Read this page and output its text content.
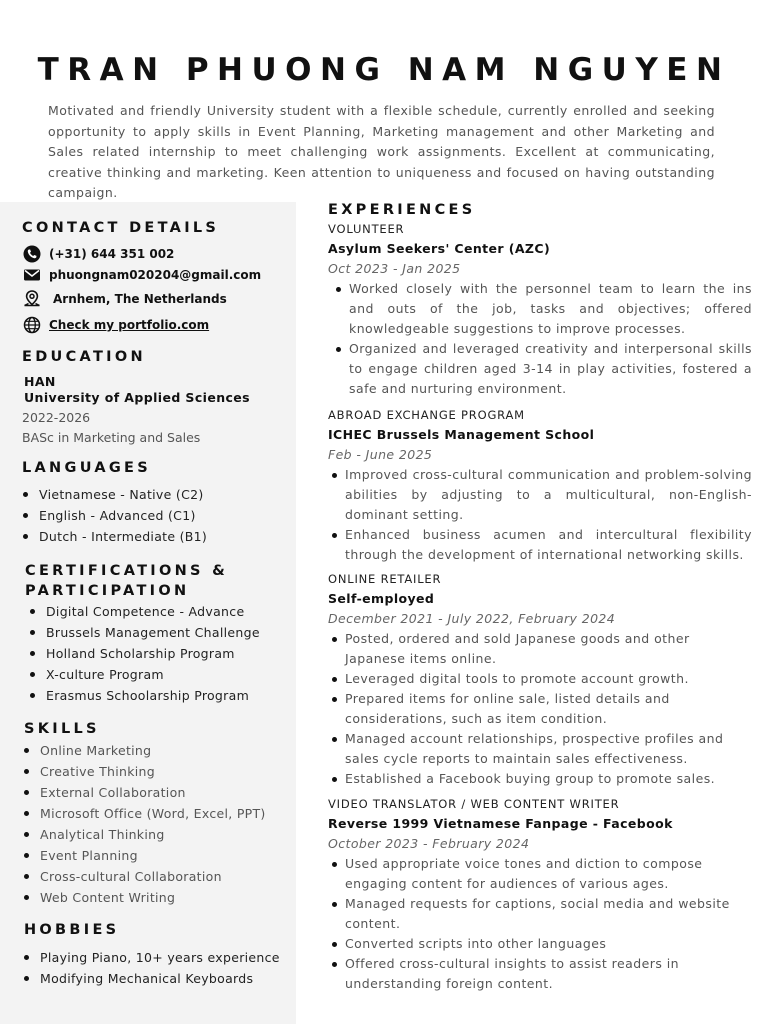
TRAN PHUONG NAM NGUYEN
Motivated and friendly University student with a flexible schedule, currently enrolled and seeking opportunity to apply skills in Event Planning, Marketing management and other Marketing and Sales related internship to meet challenging work assignments. Excellent at communicating, creative thinking and marketing. Keen attention to uniqueness and focused on having outstanding campaign.
CONTACT DETAILS
(+31) 644 351 002
phuongnam020204@gmail.com
Arnhem, The Netherlands
Check my portfolio.com
EDUCATION
HAN
University of Applied Sciences
2022-2026
BASc in Marketing and Sales
LANGUAGES
Vietnamese - Native (C2)
English - Advanced (C1)
Dutch - Intermediate (B1)
CERTIFICATIONS &
PARTICIPATION
Digital Competence - Advance
Brussels Management Challenge
Holland Scholarship Program
X-culture Program
Erasmus Schoolarship Program
SKILLS
Online Marketing
Creative Thinking
External Collaboration
Microsoft Office (Word, Excel, PPT)
Analytical Thinking
Event Planning
Cross-cultural Collaboration
Web Content Writing
HOBBIES
Playing Piano, 10+ years experience
Modifying Mechanical Keyboards
EXPERIENCES
VOLUNTEER
Asylum Seekers' Center (AZC)
Oct 2023 - Jan 2025
Worked closely with the personnel team to learn the ins and outs of the job, tasks and objectives; offered knowledgeable suggestions to improve processes.
Organized and leveraged creativity and interpersonal skills to engage children aged 3-14 in play activities, fostered a safe and nurturing environment.
ABROAD EXCHANGE PROGRAM
ICHEC Brussels Management School
Feb - June 2025
Improved cross-cultural communication and problem-solving abilities by adjusting to a multicultural, non-English-dominant setting.
Enhanced business acumen and intercultural flexibility through the development of international networking skills.
ONLINE RETAILER
Self-employed
December 2021 - July 2022, February 2024
Posted, ordered and sold Japanese goods and other Japanese items online.
Leveraged digital tools to promote account growth.
Prepared items for online sale, listed details and considerations, such as item condition.
Managed account relationships, prospective profiles and sales cycle reports to maintain sales effectiveness.
Established a Facebook buying group to promote sales.
VIDEO TRANSLATOR / WEB CONTENT WRITER
Reverse 1999 Vietnamese Fanpage - Facebook
October 2023 - February 2024
Used appropriate voice tones and diction to compose engaging content for audiences of various ages.
Managed requests for captions, social media and website content.
Converted scripts into other languages
Offered cross-cultural insights to assist readers in understanding foreign content.
